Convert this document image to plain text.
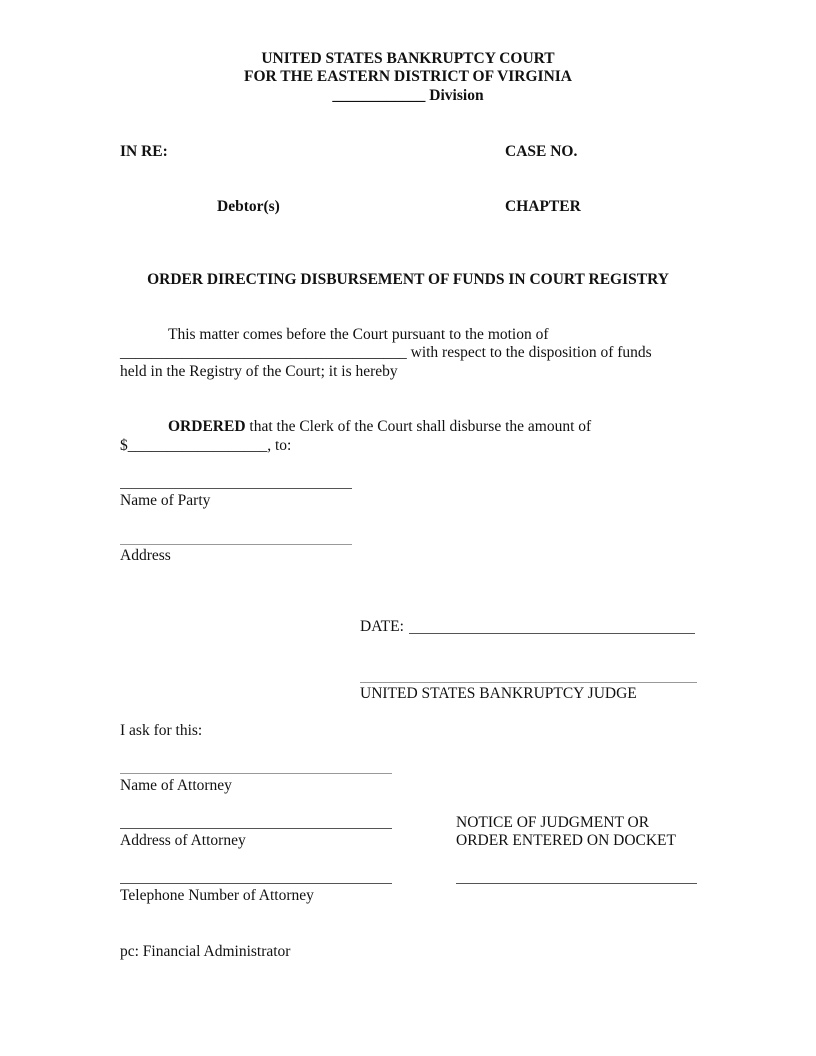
UNITED STATES BANKRUPTCY COURT
FOR THE EASTERN DISTRICT OF VIRGINIA
____________ Division
IN RE:	CASE NO.
Debtor(s)	CHAPTER
ORDER DIRECTING DISBURSEMENT OF FUNDS IN COURT REGISTRY
This matter comes before the Court pursuant to the motion of
_____________________________________ with respect to the disposition of funds
held in the Registry of the Court; it is hereby
ORDERED that the Clerk of the Court shall disburse the amount of
$__________________, to:
Name of Party
Address
DATE:
UNITED STATES BANKRUPTCY JUDGE
I ask for this:
Name of Attorney
Address of Attorney
Telephone Number of Attorney
NOTICE OF JUDGMENT OR
ORDER ENTERED ON DOCKET
pc: Financial Administrator
